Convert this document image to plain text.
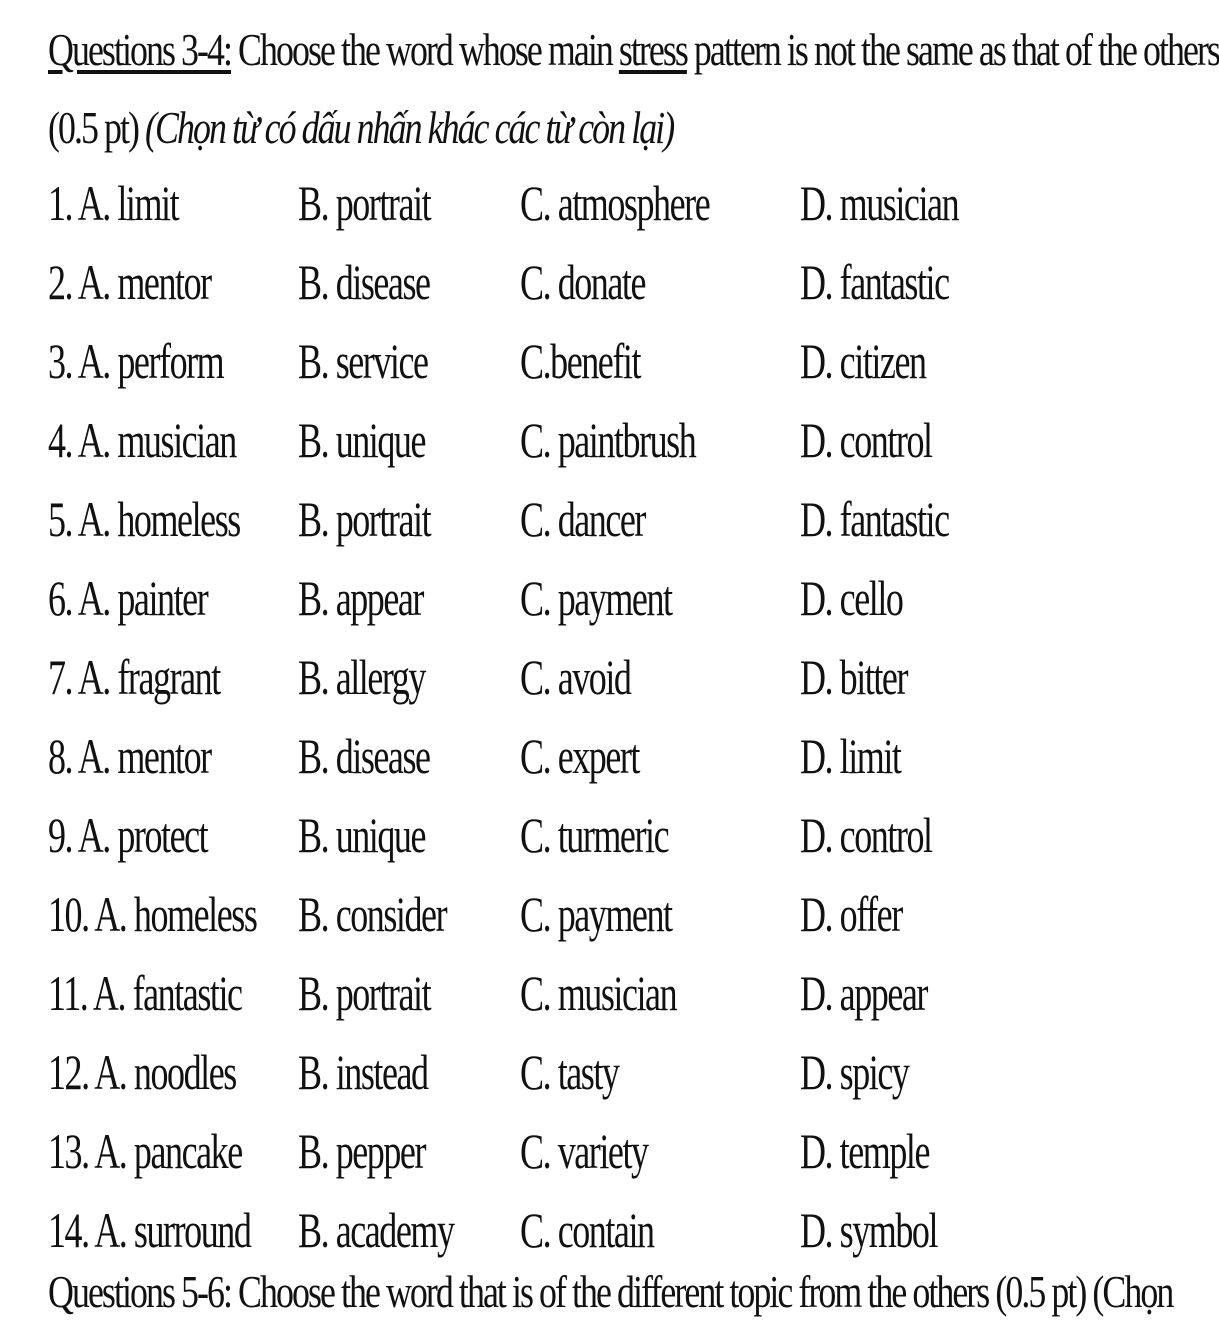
Questions 3-4: Choose the word whose main stress pattern is not the same as that of the others
(0.5 pt) (Chọn từ có dấu nhấn khác các từ còn lại)
1. A. limit B. portrait C. atmosphere D. musician
2. A. mentor B. disease C. donate	D. fantastic
3. A. perform B. service C.benefit	D. citizen
4. A. musician B. unique C. paintbrush D. control
5. A. homeless B. portrait C. dancer	D. fantastic
6. A. painter B. appear C. payment	D. cello
7. A. fragrant B. allergy C. avoid	D. bitter
8. A. mentor B. disease C. expert	D. limit
9. A. protect B. unique C. turmeric	D. control
10. A. homeless B. consider C. payment	D. offer
11. A. fantastic B. portrait C. musician D. appear
12. A. noodles B. instead C. tasty	D. spicy
13. A. pancake B. pepper C. variety	D. temple
14. A. surround B. academy C. contain	D. symbol
Questions 5-6: Choose the word that is of the different topic from the others (0.5 pt) (Chọn
